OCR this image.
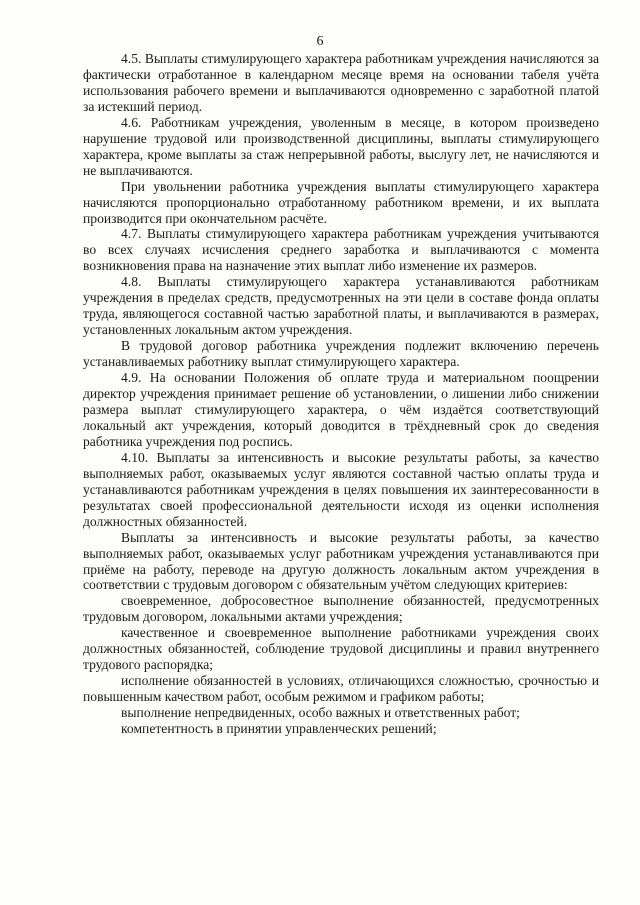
6

4.5. Выплаты стимулирующего характера работникам учреждения начисляются за фактически отработанное в календарном месяце время на основании табеля учёта использования рабочего времени и выплачиваются одновременно с заработной платой за истекший период.

4.6. Работникам учреждения, уволенным в месяце, в котором произведено нарушение трудовой или производственной дисциплины, выплаты стимулирующего характера, кроме выплаты за стаж непрерывной работы, выслугу лет, не начисляются и не выплачиваются.

При увольнении работника учреждения выплаты стимулирующего характера начисляются пропорционально отработанному работником времени, и их выплата производится при окончательном расчёте.

4.7. Выплаты стимулирующего характера работникам учреждения учитываются во всех случаях исчисления среднего заработка и выплачиваются с момента возникновения права на назначение этих выплат либо изменение их размеров.

4.8. Выплаты стимулирующего характера устанавливаются работникам учреждения в пределах средств, предусмотренных на эти цели в составе фонда оплаты труда, являющегося составной частью заработной платы, и выплачиваются в размерах, установленных локальным актом учреждения.

В трудовой договор работника учреждения подлежит включению перечень устанавливаемых работнику выплат стимулирующего характера.

4.9. На основании Положения об оплате труда и материальном поощрении директор учреждения принимает решение об установлении, о лишении либо снижении размера выплат стимулирующего характера, о чём издаётся соответствующий локальный акт учреждения, который доводится в трёхдневный срок до сведения работника учреждения под роспись.

4.10. Выплаты за интенсивность и высокие результаты работы, за качество выполняемых работ, оказываемых услуг являются составной частью оплаты труда и устанавливаются работникам учреждения в целях повышения их заинтересованности в результатах своей профессиональной деятельности исходя из оценки исполнения должностных обязанностей.

Выплаты за интенсивность и высокие результаты работы, за качество выполняемых работ, оказываемых услуг работникам учреждения устанавливаются при приёме на работу, переводе на другую должность локальным актом учреждения в соответствии с трудовым договором с обязательным учётом следующих критериев:

своевременное, добросовестное выполнение обязанностей, предусмотренных трудовым договором, локальными актами учреждения;

качественное и своевременное выполнение работниками учреждения своих должностных обязанностей, соблюдение трудовой дисциплины и правил внутреннего трудового распорядка;

исполнение обязанностей в условиях, отличающихся сложностью, срочностью и повышенным качеством работ, особым режимом и графиком работы;

выполнение непредвиденных, особо важных и ответственных работ;

компетентность в принятии управленческих решений;
